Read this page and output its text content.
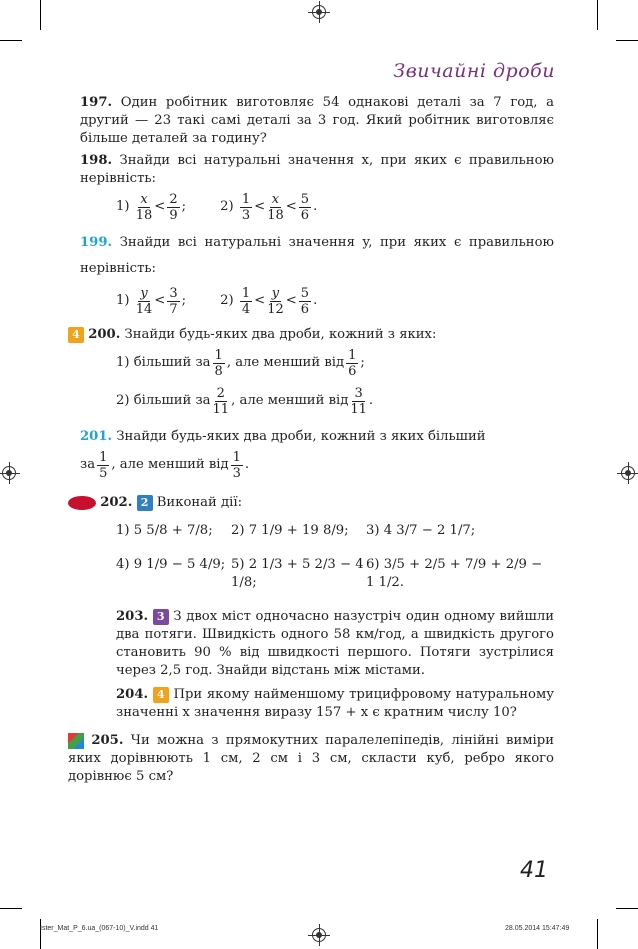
Звичайні дроби

197. Один робітник виготовляє 54 однакові деталі за 7 год, а другий — 23 такі самі деталі за 3 год. Який робітник виготовляє більше деталей за годину?

198. Знайди всі натуральні значення x, при яких є правильною нерівність:

1)
x
18
< 2
9
;	2)
1
3
< x
18
< 5
6
.

199. Знайди всі натуральні значення y, при яких є правильною нерівність:

1)
y
14
< 3
7
;	2)
1
4
< y
12
< 5
6
.

4 200. Знайди будь-яких два дроби, кожний з яких:

1) більший за 1
8
, але менший від 1
6
;
2) більший за 2
11
, але менший від 3
11
.

201. Знайди будь-яких два дроби, кожний з яких більший

за 1
5
, але менший від 1
3
.

202. 2 Виконай дії:

1) 5 5/8 + 7/8;	2) 7 1/9 + 19 8/9;	3) 4 3/7 − 2 1/7;
4) 9 1/9 − 5 4/9; 5) 2 1/3 + 5 2/3 − 4 1/8;
6) 3/5 + 2/5 + 7/9 + 2/9 − 1 1/2.

203. 3 З двох міст одночасно назустріч один одному вийшли два потяги. Швидкість одного 58 км/год, а швидкість другого становить 90 % від швидкості першого. Потяги зустрілися через 2,5 год. Знайди відстань між містами.

204. 4 При якому найменшому трицифровому натуральному значенні x значення виразу 157 + x є кратним числу 10?

205. Чи можна з прямокутних паралелепіпедів, лінійні виміри яких дорівнюють 1 см, 2 см і 3 см, скласти куб, ребро якого дорівнює 5 см?

41
Ister_Mat_P_6.ua_(067-10)_V.indd 41	28.05.2014 15:47:49
